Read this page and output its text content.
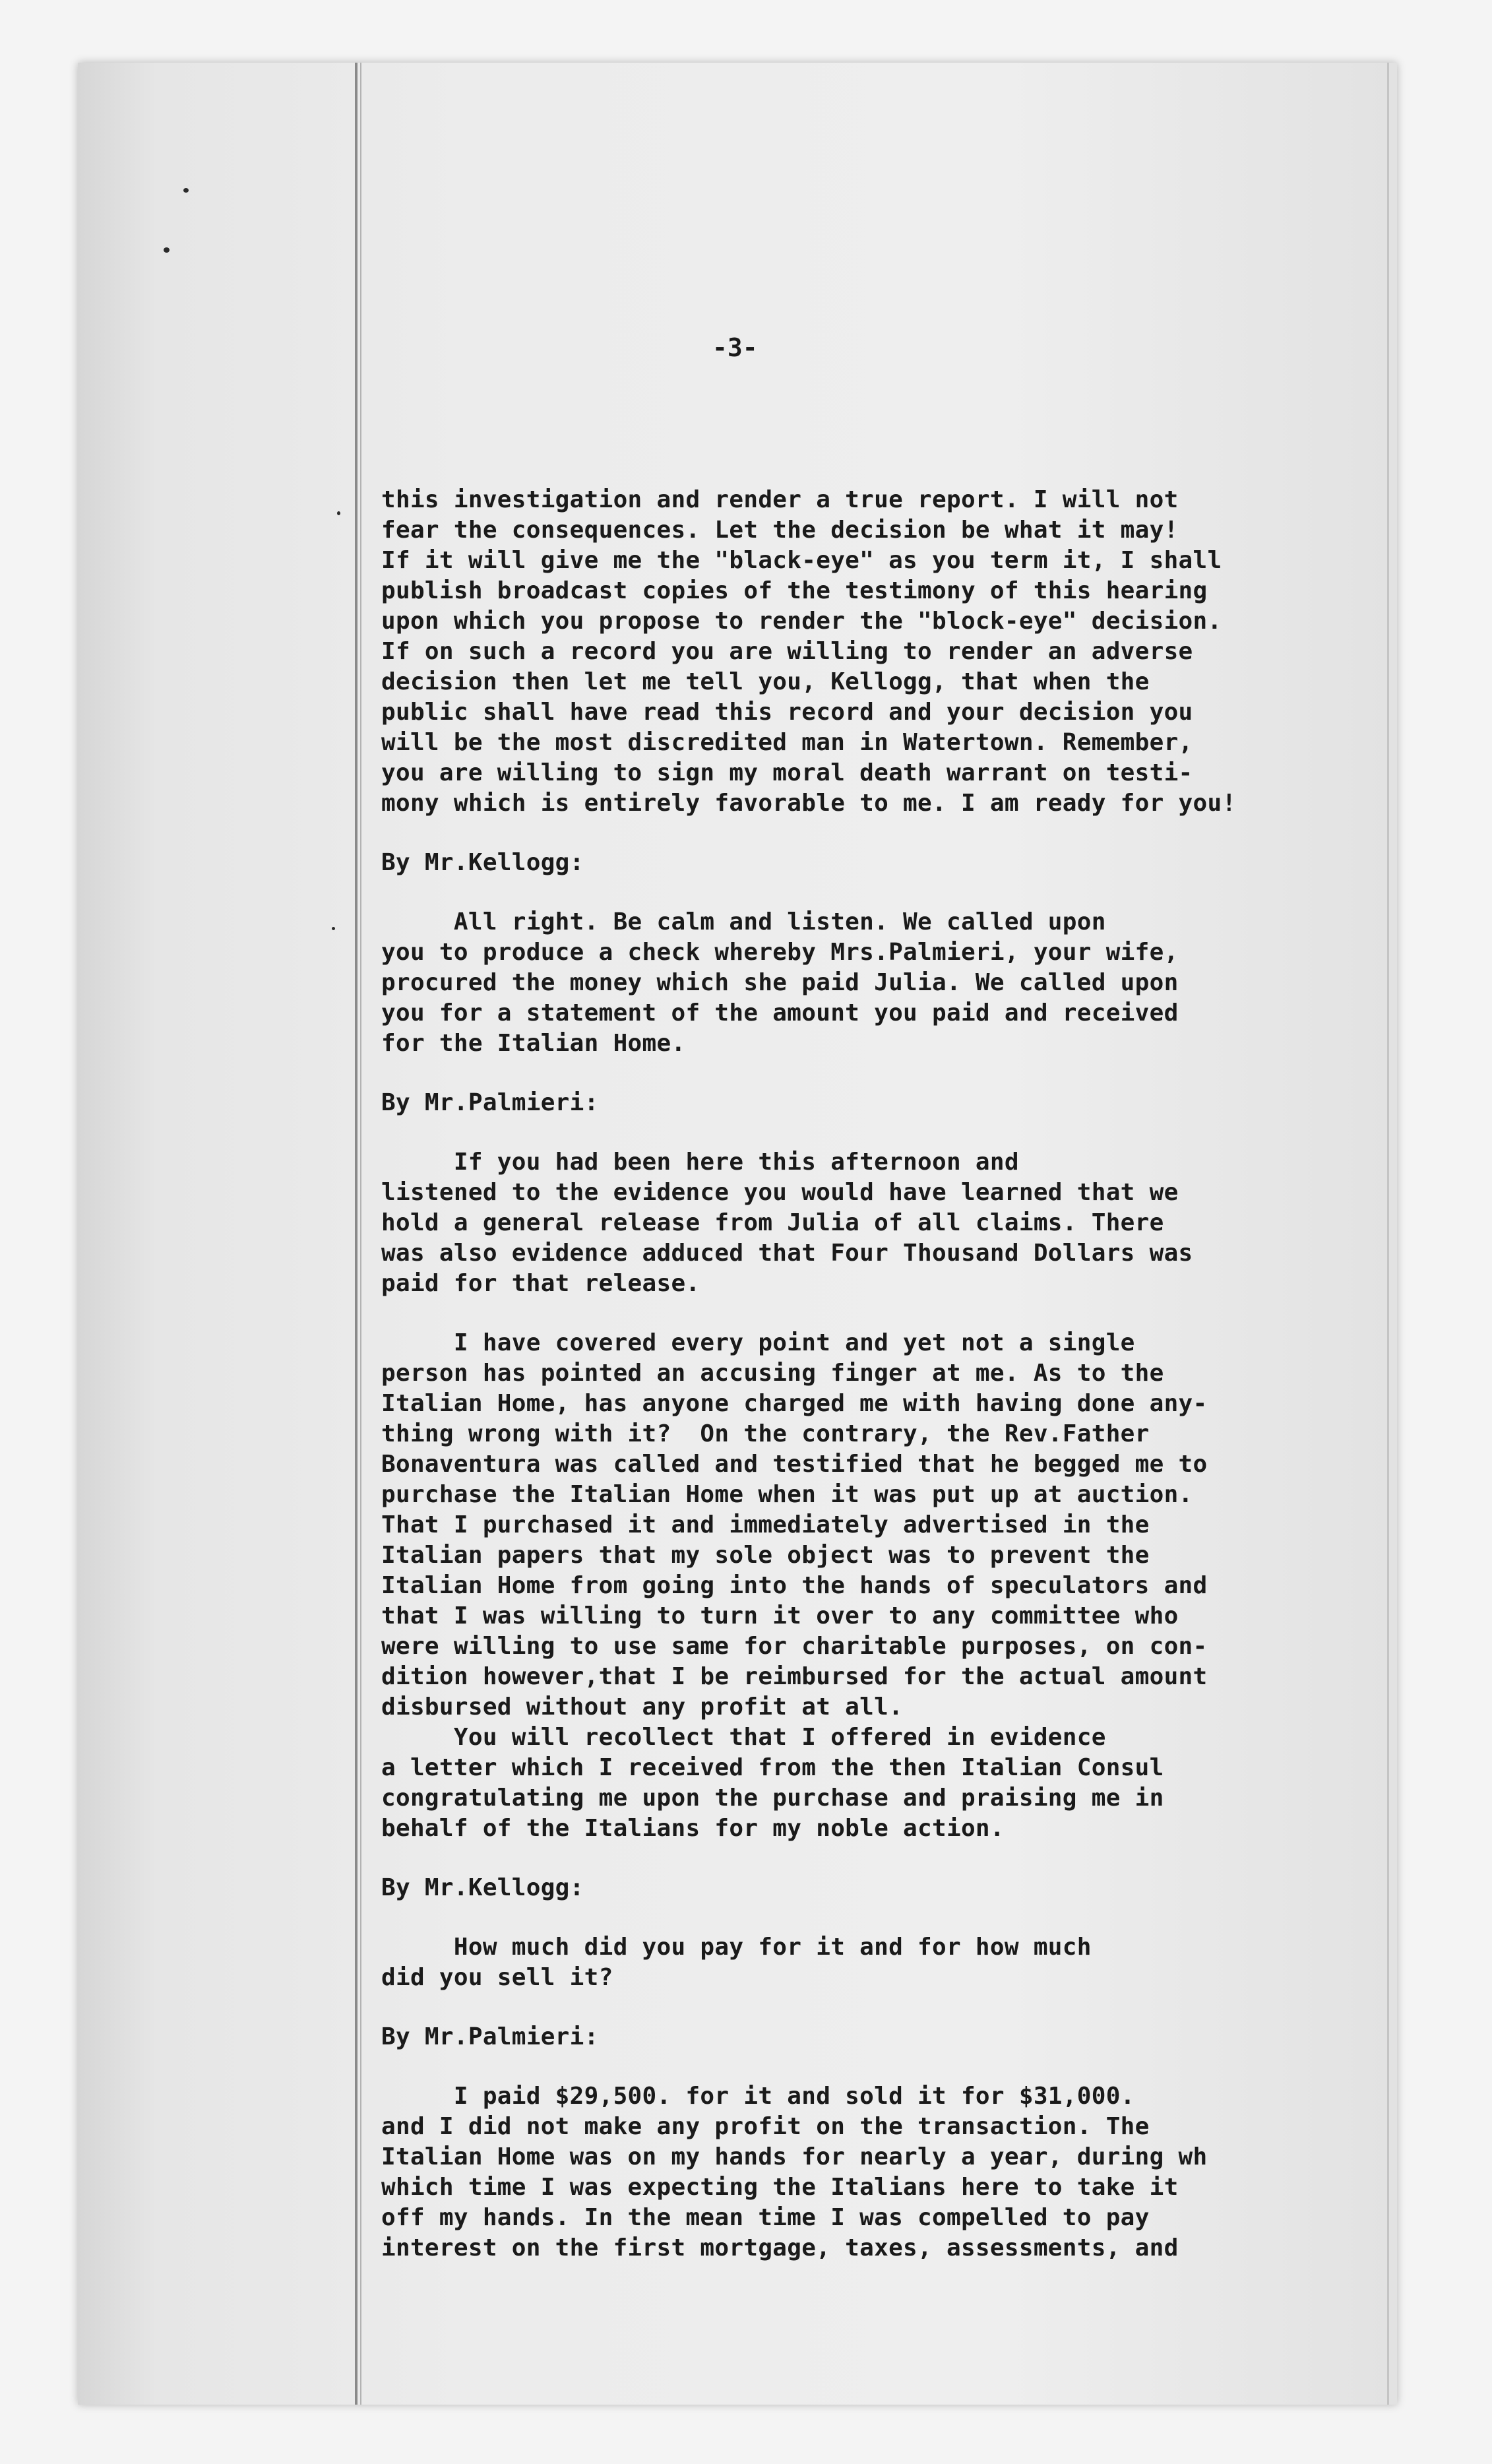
-3-
this investigation and render a true report. I will not
fear the consequences. Let the decision be what it may!
If it will give me the "black-eye" as you term it, I shall
publish broadcast copies of the testimony of this hearing
upon which you propose to render the "block-eye" decision.
If on such a record you are willing to render an adverse
decision then let me tell you, Kellogg, that when the
public shall have read this record and your decision you
will be the most discredited man in Watertown. Remember,
you are willing to sign my moral death warrant on testi-
mony which is entirely favorable to me. I am ready for you!
By Mr.Kellogg:
All right. Be calm and listen. We called upon
you to produce a check whereby Mrs.Palmieri, your wife,
procured the money which she paid Julia. We called upon
you for a statement of the amount you paid and received
for the Italian Home.
By Mr.Palmieri:
If you had been here this afternoon and
listened to the evidence you would have learned that we
hold a general release from Julia of all claims. There
was also evidence adduced that Four Thousand Dollars was
paid for that release.
I have covered every point and yet not a single
person has pointed an accusing finger at me. As to the
Italian Home, has anyone charged me with having done any-
thing wrong with it?  On the contrary, the Rev.Father
Bonaventura was called and testified that he begged me to
purchase the Italian Home when it was put up at auction.
That I purchased it and immediately advertised in the
Italian papers that my sole object was to prevent the
Italian Home from going into the hands of speculators and
that I was willing to turn it over to any committee who
were willing to use same for charitable purposes, on con-
dition however,that I be reimbursed for the actual amount
disbursed without any profit at all.
You will recollect that I offered in evidence
a letter which I received from the then Italian Consul
congratulating me upon the purchase and praising me in
behalf of the Italians for my noble action.
By Mr.Kellogg:
How much did you pay for it and for how much
did you sell it?
By Mr.Palmieri:
I paid $29,500. for it and sold it for $31,000.
and I did not make any profit on the transaction. The
Italian Home was on my hands for nearly a year, during wh
which time I was expecting the Italians here to take it
off my hands. In the mean time I was compelled to pay
interest on the first mortgage, taxes, assessments, and
